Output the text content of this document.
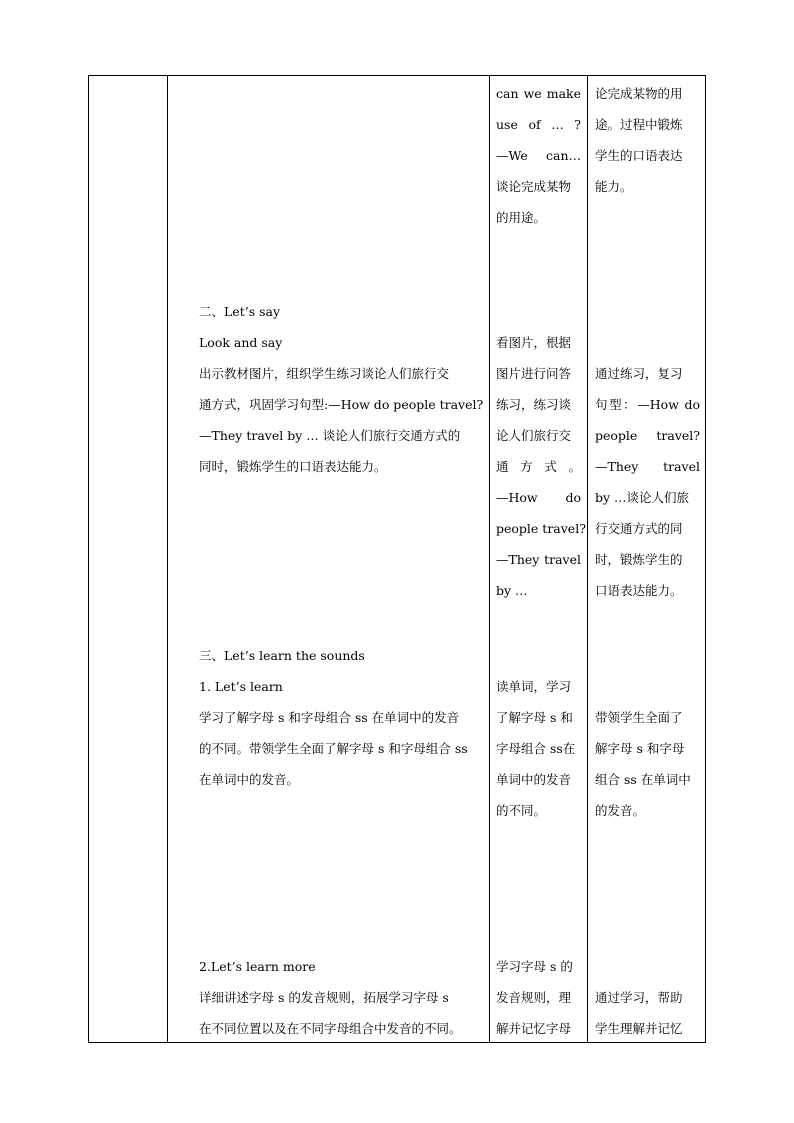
can we make
use of … ?
—We can…
谈论完成某物
的用途。
论完成某物的用
途。过程中锻炼
学生的口语表达
能力。
二、Let’s say
Look and say
出示教材图片，组织学生练习谈论人们旅行交
通方式，巩固学习句型:—How do people travel?
—They travel by … 谈论人们旅行交通方式的
同时，锻炼学生的口语表达能力。
看图片，根据
图片进行问答
练习，练习谈
论人们旅行交
通 方 式 。
—How do
people travel?
—They travel
by …
通过练习，复习
句型：—How do
people travel?
—They travel
by …谈论人们旅
行交通方式的同
时，锻炼学生的
口语表达能力。
三、Let’s learn the sounds
1. Let’s learn
学习了解字母 s 和字母组合 ss 在单词中的发音
的不同。带领学生全面了解字母 s 和字母组合 ss
在单词中的发音。
读单词，学习
了解字母 s 和
字母组合 ss在
单词中的发音
的不同。
带领学生全面了
解字母 s 和字母
组合 ss 在单词中
的发音。
2.Let’s learn more
详细讲述字母 s 的发音规则，拓展学习字母 s
在不同位置以及在不同字母组合中发音的不同。
学习字母 s 的
发音规则，理
解并记忆字母
通过学习，帮助
学生理解并记忆
